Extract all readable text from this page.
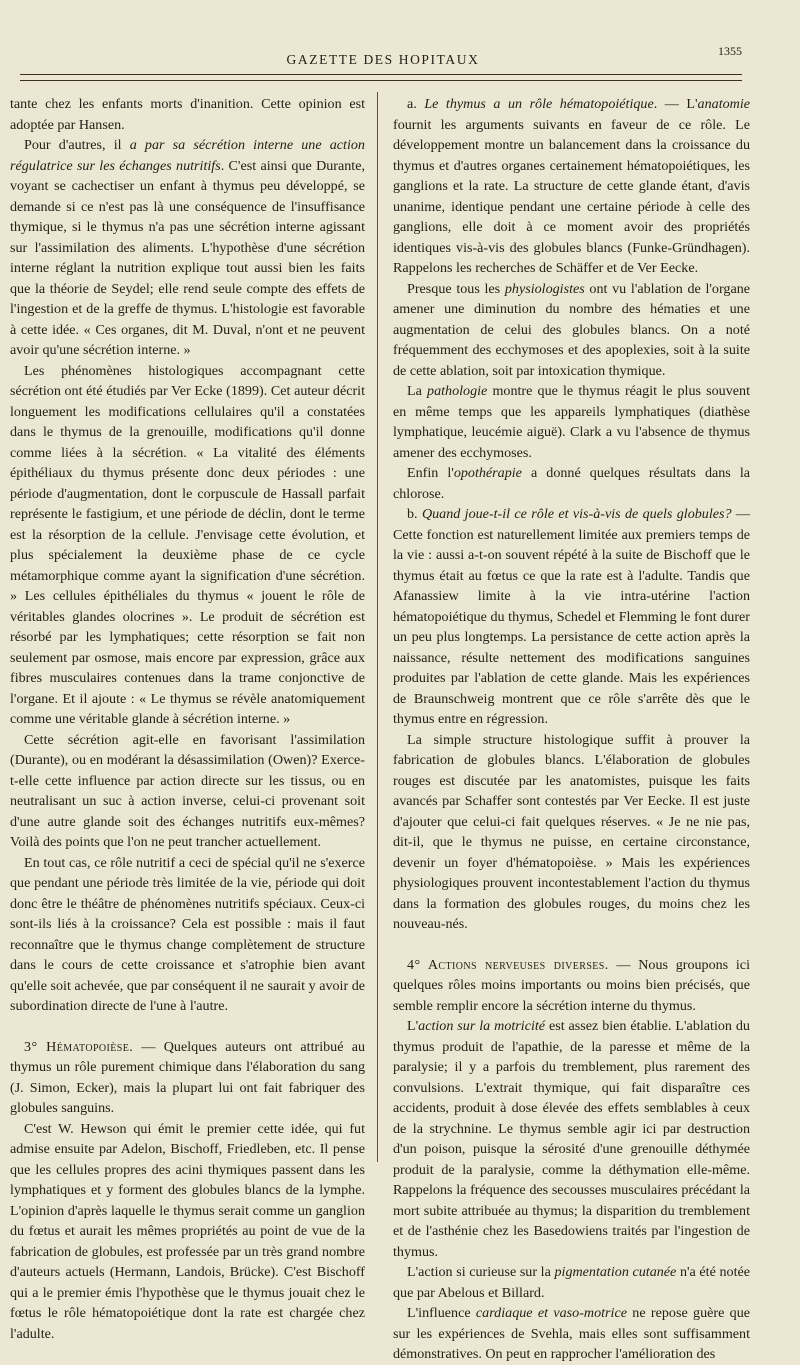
GAZETTE DES HOPITAUX
1355

tante chez les enfants morts d'inanition. Cette opinion est adoptée par Hansen.

Pour d'autres, il a par sa sécrétion interne une action régulatrice sur les échanges nutritifs. C'est ainsi que Durante, voyant se cachectiser un enfant à thymus peu développé, se demande si ce n'est pas là une conséquence de l'insuffisance thymique, si le thymus n'a pas une sécrétion interne agissant sur l'assimilation des aliments. L'hypothèse d'une sécrétion interne réglant la nutrition explique tout aussi bien les faits que la théorie de Seydel; elle rend seule compte des effets de l'ingestion et de la greffe de thymus. L'histologie est favorable à cette idée. « Ces organes, dit M. Duval, n'ont et ne peuvent avoir qu'une sécrétion interne. »

Les phénomènes histologiques accompagnant cette sécrétion ont été étudiés par Ver Ecke (1899). Cet auteur décrit longuement les modifications cellulaires qu'il a constatées dans le thymus de la grenouille, modifications qu'il donne comme liées à la sécrétion. « La vitalité des éléments épithéliaux du thymus présente donc deux périodes : une période d'augmentation, dont le corpuscule de Hassall parfait représente le fastigium, et une période de déclin, dont le terme est la résorption de la cellule. J'envisage cette évolution, et plus spécialement la deuxième phase de ce cycle métamorphique comme ayant la signification d'une sécrétion. » Les cellules épithéliales du thymus « jouent le rôle de véritables glandes olocrines ». Le produit de sécrétion est résorbé par les lymphatiques; cette résorption se fait non seulement par osmose, mais encore par expression, grâce aux fibres musculaires contenues dans la trame conjonctive de l'organe. Et il ajoute : « Le thymus se révèle anatomiquement comme une véritable glande à sécrétion interne. »

Cette sécrétion agit-elle en favorisant l'assimilation (Durante), ou en modérant la désassimilation (Owen)? Exerce-t-elle cette influence par action directe sur les tissus, ou en neutralisant un suc à action inverse, celui-ci provenant soit d'une autre glande soit des échanges nutritifs eux-mêmes? Voilà des points que l'on ne peut trancher actuellement.

En tout cas, ce rôle nutritif a ceci de spécial qu'il ne s'exerce que pendant une période très limitée de la vie, période qui doit donc être le théâtre de phénomènes nutritifs spéciaux. Ceux-ci sont-ils liés à la croissance? Cela est possible : mais il faut reconnaître que le thymus change complètement de structure dans le cours de cette croissance et s'atrophie bien avant qu'elle soit achevée, que par conséquent il ne saurait y avoir de subordination directe de l'une à l'autre.

3° Hématopoièse. — Quelques auteurs ont attribué au thymus un rôle purement chimique dans l'élaboration du sang (J. Simon, Ecker), mais la plupart lui ont fait fabriquer des globules sanguins.

C'est W. Hewson qui émit le premier cette idée, qui fut admise ensuite par Adelon, Bischoff, Friedleben, etc. Il pense que les cellules propres des acini thymiques passent dans les lymphatiques et y forment des globules blancs de la lymphe. L'opinion d'après laquelle le thymus serait comme un ganglion du fœtus et aurait les mêmes propriétés au point de vue de la fabrication de globules, est professée par un très grand nombre d'auteurs actuels (Hermann, Landois, Brücke). C'est Bischoff qui a le premier émis l'hypothèse que le thymus jouait chez le fœtus le rôle hématopoiétique dont la rate est chargée chez l'adulte.

a. Le thymus a un rôle hématopoiétique. — L'anatomie fournit les arguments suivants en faveur de ce rôle. Le développement montre un balancement dans la croissance du thymus et d'autres organes certainement hématopoiétiques, les ganglions et la rate. La structure de cette glande étant, d'avis unanime, identique pendant une certaine période à celle des ganglions, elle doit à ce moment avoir des propriétés identiques vis-à-vis des globules blancs (Funke-Gründhagen). Rappelons les recherches de Schäffer et de Ver Eecke.

Presque tous les physiologistes ont vu l'ablation de l'organe amener une diminution du nombre des hématies et une augmentation de celui des globules blancs. On a noté fréquemment des ecchymoses et des apoplexies, soit à la suite de cette ablation, soit par intoxication thymique.

La pathologie montre que le thymus réagit le plus souvent en même temps que les appareils lymphatiques (diathèse lymphatique, leucémie aiguë). Clark a vu l'absence de thymus amener des ecchymoses.

Enfin l'opothérapie a donné quelques résultats dans la chlorose.

b. Quand joue-t-il ce rôle et vis-à-vis de quels globules? — Cette fonction est naturellement limitée aux premiers temps de la vie : aussi a-t-on souvent répété à la suite de Bischoff que le thymus était au fœtus ce que la rate est à l'adulte. Tandis que Afanassiew limite à la vie intra-utérine l'action hématopoiétique du thymus, Schedel et Flemming le font durer un peu plus longtemps. La persistance de cette action après la naissance, résulte nettement des modifications sanguines produites par l'ablation de cette glande. Mais les expériences de Braunschweig montrent que ce rôle s'arrête dès que le thymus entre en régression.

La simple structure histologique suffit à prouver la fabrication de globules blancs. L'élaboration de globules rouges est discutée par les anatomistes, puisque les faits avancés par Schaffer sont contestés par Ver Eecke. Il est juste d'ajouter que celui-ci fait quelques réserves. « Je ne nie pas, dit-il, que le thymus ne puisse, en certaine circonstance, devenir un foyer d'hématopoièse. » Mais les expériences physiologiques prouvent incontestablement l'action du thymus dans la formation des globules rouges, du moins chez les nouveau-nés.

4° Actions nerveuses diverses. — Nous groupons ici quelques rôles moins importants ou moins bien précisés, que semble remplir encore la sécrétion interne du thymus.

L'action sur la motricité est assez bien établie. L'ablation du thymus produit de l'apathie, de la paresse et même de la paralysie; il y a parfois du tremblement, plus rarement des convulsions. L'extrait thymique, qui fait disparaître ces accidents, produit à dose élevée des effets semblables à ceux de la strychnine. Le thymus semble agir ici par destruction d'un poison, puisque la sérosité d'une grenouille déthymée produit de la paralysie, comme la déthymation elle-même. Rappelons la fréquence des secousses musculaires précédant la mort subite attribuée au thymus; la disparition du tremblement et de l'asthénie chez les Basedowiens traités par l'ingestion de thymus.

L'action si curieuse sur la pigmentation cutanée n'a été notée que par Abelous et Billard.

L'influence cardiaque et vaso-motrice ne repose guère que sur les expériences de Svehla, mais elles sont suffisamment démonstratives. On peut en rapprocher l'amélioration des
